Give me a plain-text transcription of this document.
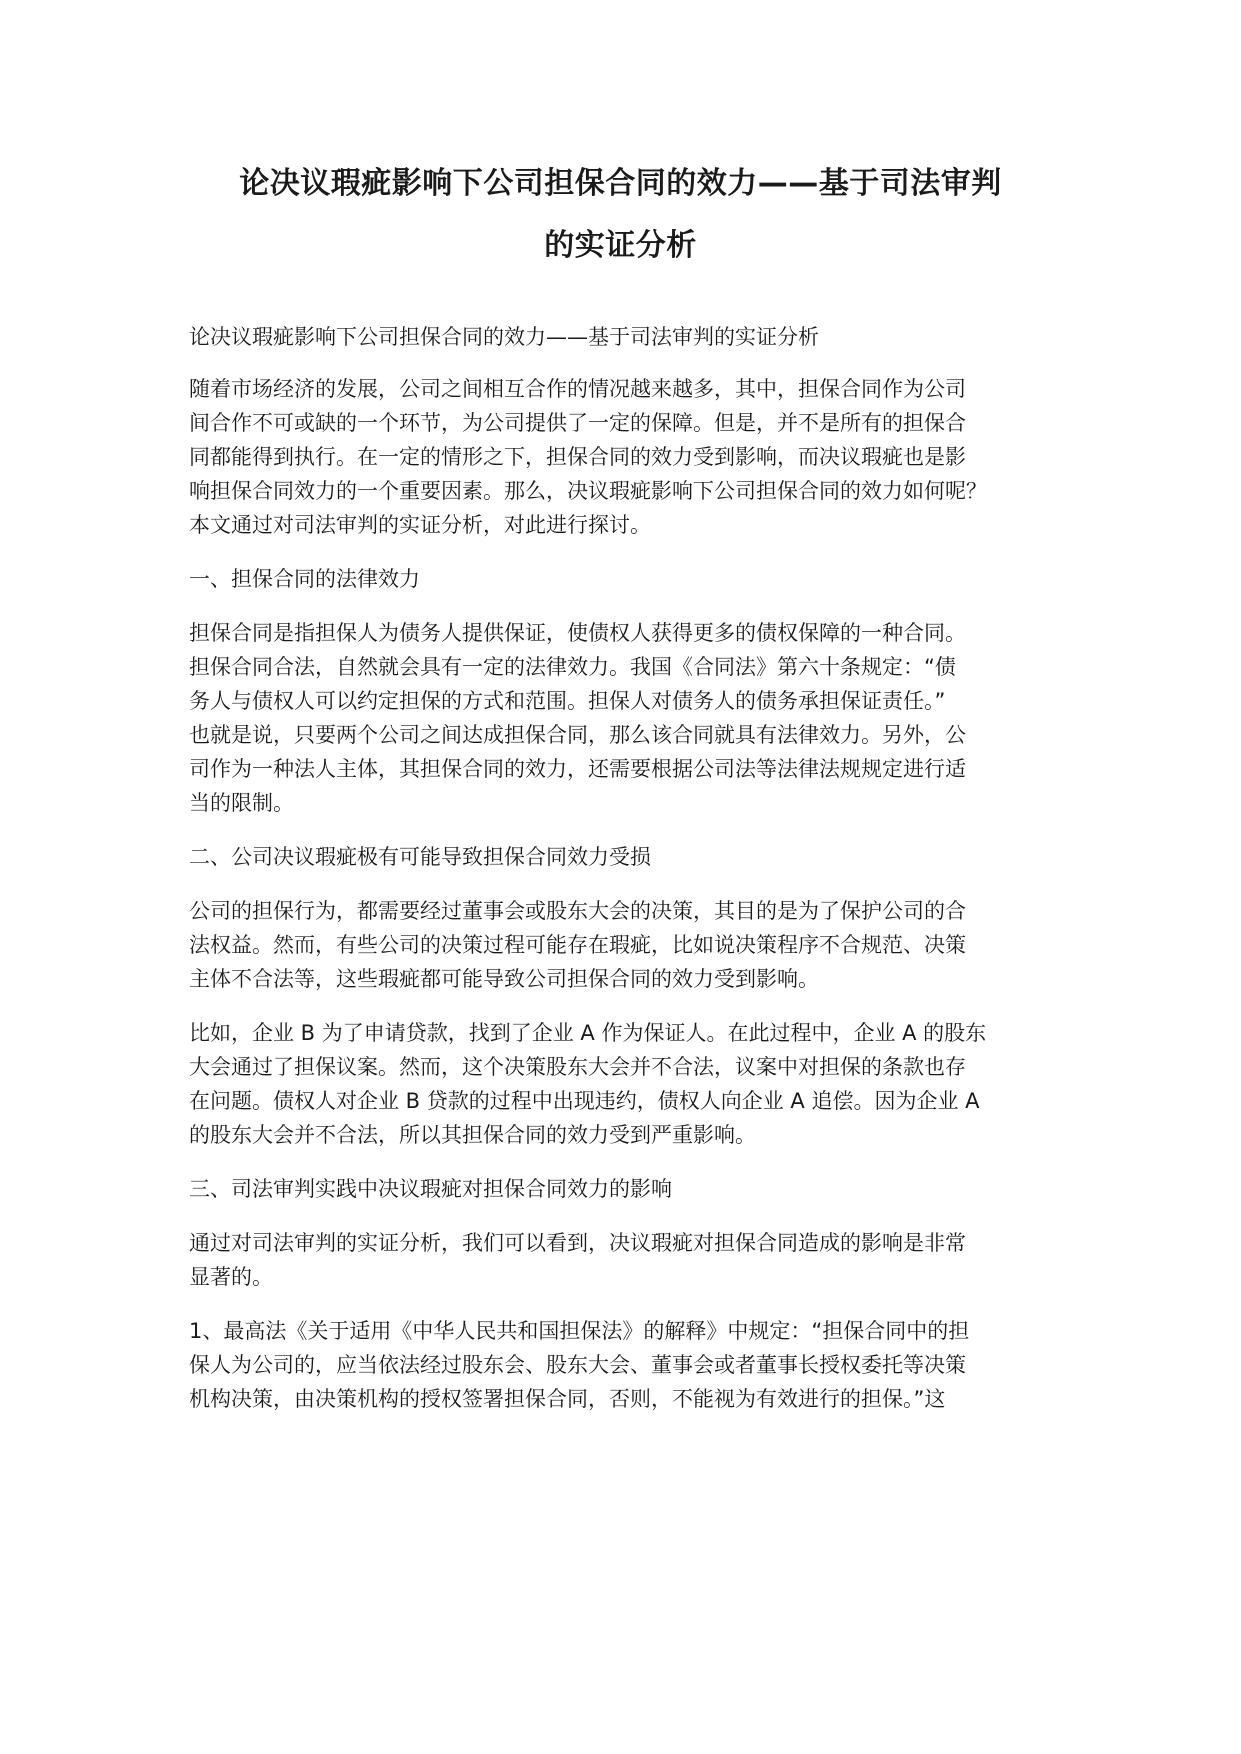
论决议瑕疵影响下公司担保合同的效力——基于司法审判
的实证分析
论决议瑕疵影响下公司担保合同的效力——基于司法审判的实证分析
随着市场经济的发展，公司之间相互合作的情况越来越多，其中，担保合同作为公司
间合作不可或缺的一个环节，为公司提供了一定的保障。但是，并不是所有的担保合
同都能得到执行。在一定的情形之下，担保合同的效力受到影响，而决议瑕疵也是影
响担保合同效力的一个重要因素。那么，决议瑕疵影响下公司担保合同的效力如何呢？
本文通过对司法审判的实证分析，对此进行探讨。
一、担保合同的法律效力
担保合同是指担保人为债务人提供保证，使债权人获得更多的债权保障的一种合同。
担保合同合法，自然就会具有一定的法律效力。我国《合同法》第六十条规定：“债
务人与债权人可以约定担保的方式和范围。担保人对债务人的债务承担保证责任。”
也就是说，只要两个公司之间达成担保合同，那么该合同就具有法律效力。另外，公
司作为一种法人主体，其担保合同的效力，还需要根据公司法等法律法规规定进行适
当的限制。
二、公司决议瑕疵极有可能导致担保合同效力受损
公司的担保行为，都需要经过董事会或股东大会的决策，其目的是为了保护公司的合
法权益。然而，有些公司的决策过程可能存在瑕疵，比如说决策程序不合规范、决策
主体不合法等，这些瑕疵都可能导致公司担保合同的效力受到影响。
比如，企业 B 为了申请贷款，找到了企业 A 作为保证人。在此过程中，企业 A 的股东
大会通过了担保议案。然而，这个决策股东大会并不合法，议案中对担保的条款也存
在问题。债权人对企业 B 贷款的过程中出现违约，债权人向企业 A 追偿。因为企业 A
的股东大会并不合法，所以其担保合同的效力受到严重影响。
三、司法审判实践中决议瑕疵对担保合同效力的影响
通过对司法审判的实证分析，我们可以看到，决议瑕疵对担保合同造成的影响是非常
显著的。
1、最高法《关于适用《中华人民共和国担保法》的解释》中规定：“担保合同中的担
保人为公司的，应当依法经过股东会、股东大会、董事会或者董事长授权委托等决策
机构决策，由决策机构的授权签署担保合同，否则，不能视为有效进行的担保。”这
